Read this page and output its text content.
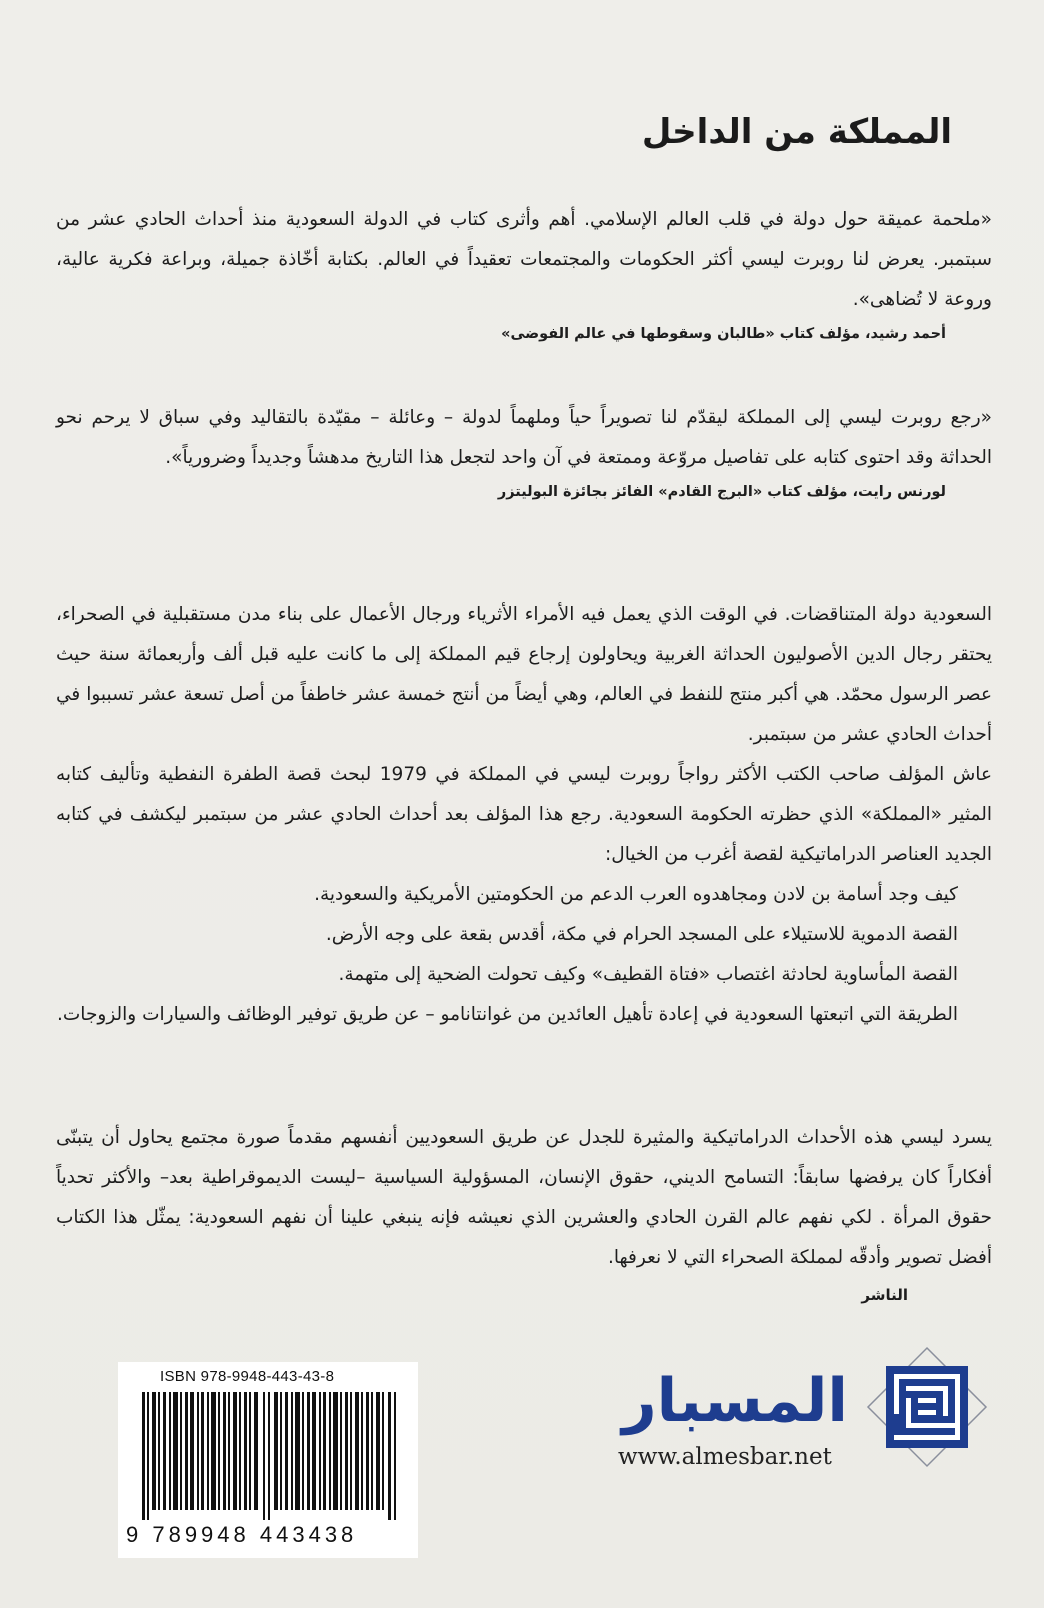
المملكة من الداخل

«ملحمة عميقة حول دولة في قلب العالم الإسلامي. أهم وأثرى كتاب في الدولة السعودية منذ أحداث الحادي عشر من سبتمبر. يعرض لنا روبرت ليسي أكثر الحكومات والمجتمعات تعقيداً في العالم. بكتابة أخّاذة جميلة، وبراعة فكرية عالية، وروعة لا تُضاهى».

أحمد رشيد، مؤلف كتاب «طالبان وسقوطها في عالم الفوضى»

«رجع روبرت ليسي إلى المملكة ليقدّم لنا تصويراً حياً وملهماً لدولة – وعائلة – مقيّدة بالتقاليد وفي سباق لا يرحم نحو الحداثة وقد احتوى كتابه على تفاصيل مروّعة وممتعة في آن واحد لتجعل هذا التاريخ مدهشاً وجديداً وضرورياً».

لورنس رايت، مؤلف كتاب «البرج القادم» الفائز بجائزة البوليتزر

السعودية دولة المتناقضات. في الوقت الذي يعمل فيه الأمراء الأثرياء ورجال الأعمال على بناء مدن مستقبلية في الصحراء، يحتقر رجال الدين الأصوليون الحداثة الغربية ويحاولون إرجاع قيم المملكة إلى ما كانت عليه قبل ألف وأربعمائة سنة حيث عصر الرسول محمّد. هي أكبر منتج للنفط في العالم، وهي أيضاً من أنتج خمسة عشر خاطفاً من أصل تسعة عشر تسببوا في أحداث الحادي عشر من سبتمبر.

عاش المؤلف صاحب الكتب الأكثر رواجاً روبرت ليسي في المملكة في 1979 لبحث قصة الطفرة النفطية وتأليف كتابه المثير «المملكة» الذي حظرته الحكومة السعودية. رجع هذا المؤلف بعد أحداث الحادي عشر من سبتمبر ليكشف في كتابه الجديد العناصر الدراماتيكية لقصة أغرب من الخيال:

كيف وجد أسامة بن لادن ومجاهدوه العرب الدعم من الحكومتين الأمريكية والسعودية.

القصة الدموية للاستيلاء على المسجد الحرام في مكة، أقدس بقعة على وجه الأرض.

القصة المأساوية لحادثة اغتصاب «فتاة القطيف» وكيف تحولت الضحية إلى متهمة.

الطريقة التي اتبعتها السعودية في إعادة تأهيل العائدين من غوانتانامو – عن طريق توفير الوظائف والسيارات والزوجات.

يسرد ليسي هذه الأحداث الدراماتيكية والمثيرة للجدل عن طريق السعوديين أنفسهم مقدماً صورة مجتمع يحاول أن يتبنّى أفكاراً كان يرفضها سابقاً: التسامح الديني، حقوق الإنسان، المسؤولية السياسية –ليست الديموقراطية بعد– والأكثر تحدياً حقوق المرأة . لكي نفهم عالم القرن الحادي والعشرين الذي نعيشه فإنه ينبغي علينا أن نفهم السعودية: يمثّل هذا الكتاب أفضل تصوير وأدقّه لمملكة الصحراء التي لا نعرفها.

الناشر
ISBN 978-9948-443-43-8
9 789948 443438
المسبار
www.almesbar.net
